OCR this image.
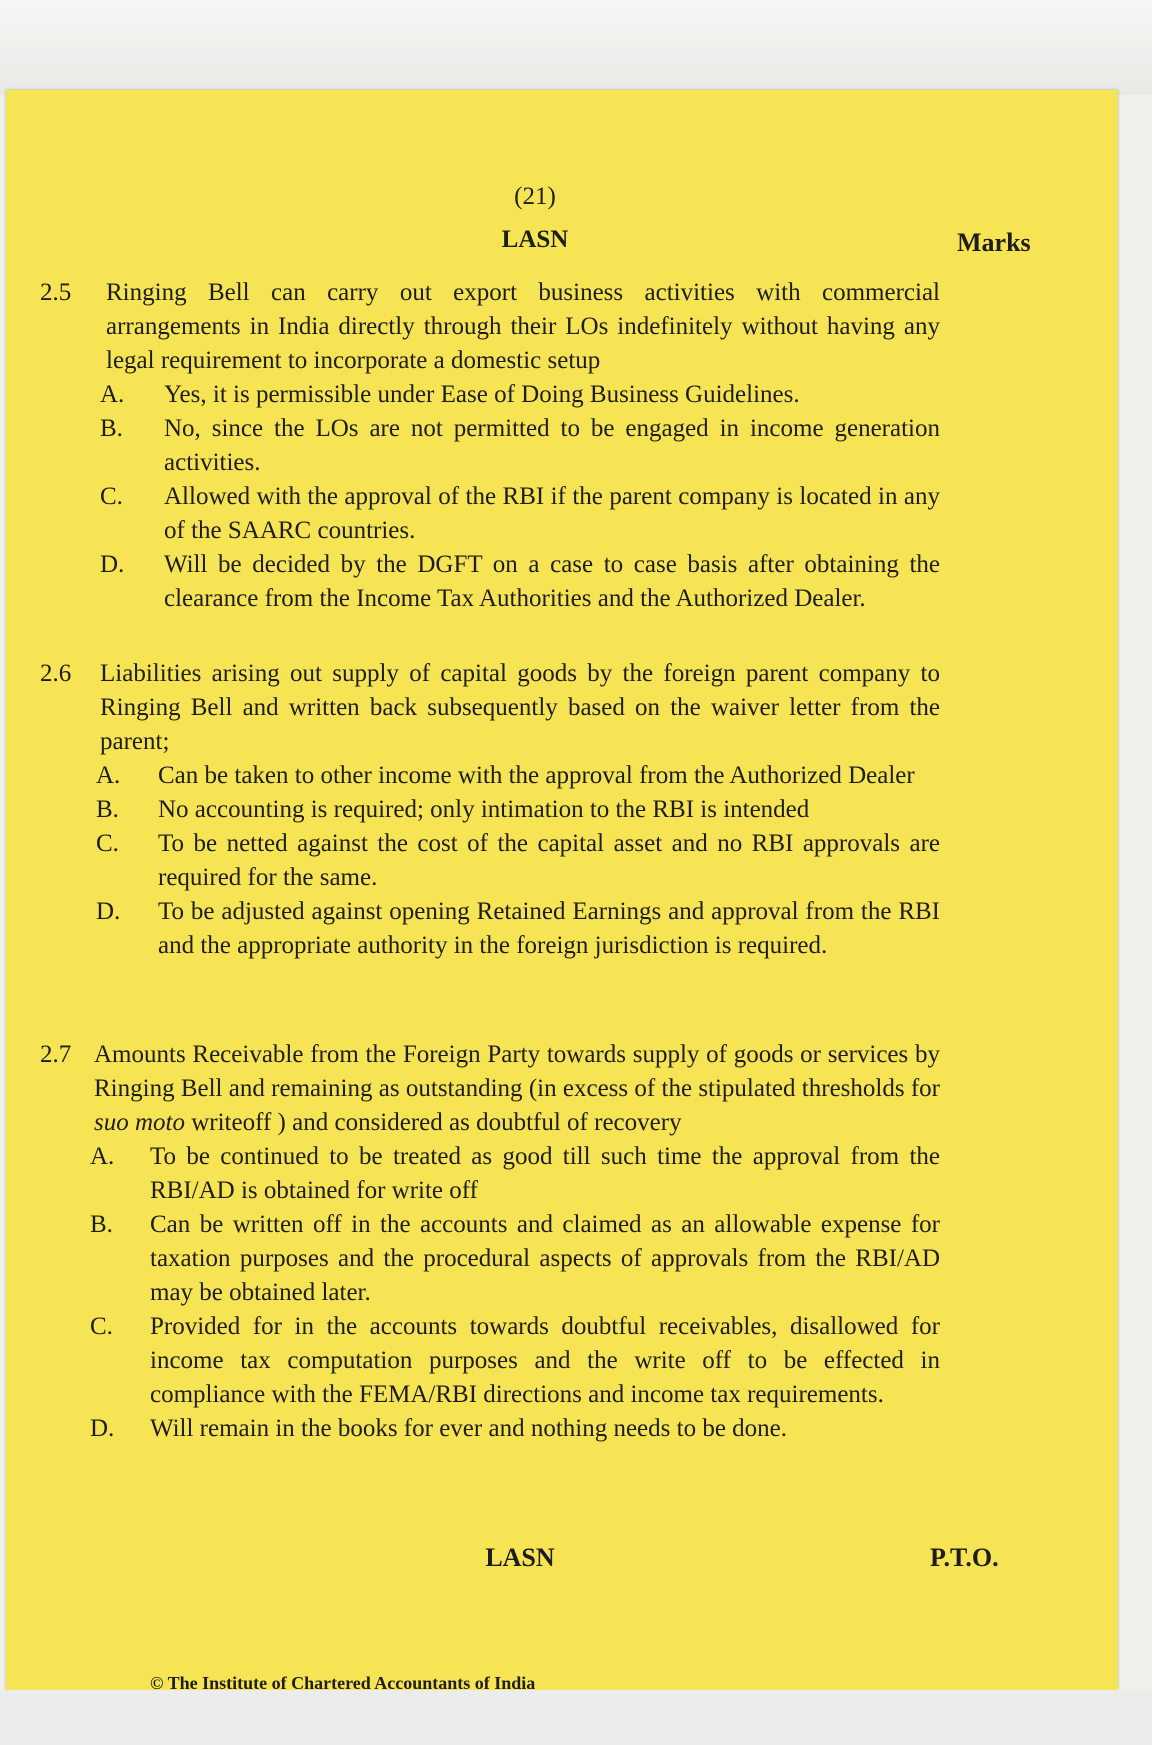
(21)
LASN	Marks
2.5 Ringing Bell can carry out export business activities with commercial arrangements in India directly through their LOs indefinitely without having any legal requirement to incorporate a domestic setup
A. Yes, it is permissible under Ease of Doing Business Guidelines.
B. No, since the LOs are not permitted to be engaged in income generation activities.
C. Allowed with the approval of the RBI if the parent company is located in any of the SAARC countries.
D. Will be decided by the DGFT on a case to case basis after obtaining the clearance from the Income Tax Authorities and the Authorized Dealer.
2.6 Liabilities arising out supply of capital goods by the foreign parent company to Ringing Bell and written back subsequently based on the waiver letter from the parent;
A. Can be taken to other income with the approval from the Authorized Dealer
B. No accounting is required; only intimation to the RBI is intended
C. To be netted against the cost of the capital asset and no RBI approvals are required for the same.
D. To be adjusted against opening Retained Earnings and approval from the RBI and the appropriate authority in the foreign jurisdiction is required.
2.7 Amounts Receivable from the Foreign Party towards supply of goods or services by Ringing Bell and remaining as outstanding (in excess of the stipulated thresholds for suo moto writeoff ) and considered as doubtful of recovery
A. To be continued to be treated as good till such time the approval from the RBI/AD is obtained for write off
B. Can be written off in the accounts and claimed as an allowable expense for taxation purposes and the procedural aspects of approvals from the RBI/AD may be obtained later.
C. Provided for in the accounts towards doubtful receivables, disallowed for income tax computation purposes and the write off to be effected in compliance with the FEMA/RBI directions and income tax requirements.
D. Will remain in the books for ever and nothing needs to be done.
LASN	P.T.O.
© The Institute of Chartered Accountants of India
